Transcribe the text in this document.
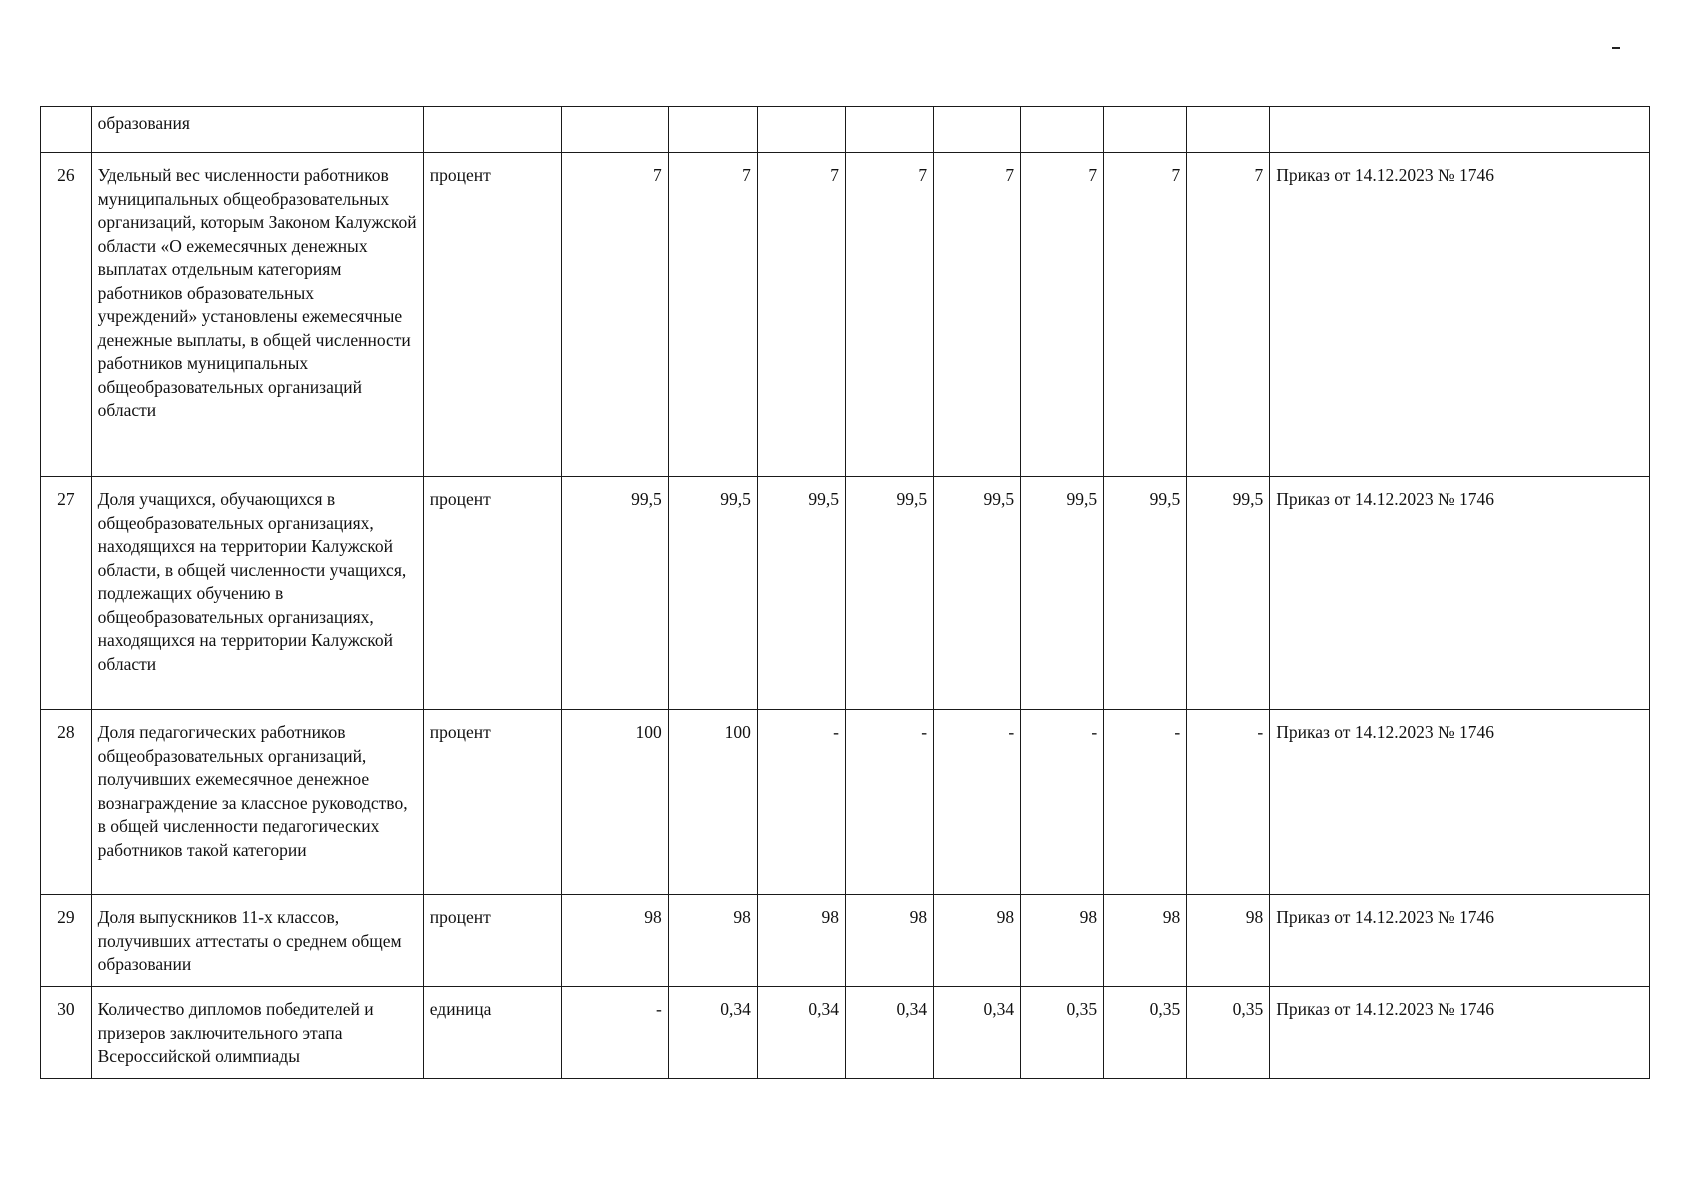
	образования										
26	Удельный вес численности работников муниципальных общеобразовательных организаций, которым Законом Калужской области «О ежемесячных денежных выплатах отдельным категориям работников образовательных учреждений» установлены ежемесячные денежные выплаты, в общей численности работников муниципальных общеобразовательных организаций области	процент	7	7	7	7	7	7	7	7	Приказ от 14.12.2023 № 1746
27	Доля учащихся, обучающихся в общеобразовательных организациях, находящихся на территории Калужской области, в общей численности учащихся, подлежащих обучению в общеобразовательных организациях, находящихся на территории Калужской области	процент	99,5	99,5	99,5	99,5	99,5	99,5	99,5	99,5	Приказ от 14.12.2023 № 1746
28	Доля педагогических работников общеобразовательных организаций, получивших ежемесячное денежное вознаграждение за классное руководство, в общей численности педагогических работников такой категории	процент	100	100	-	-	-	-	-	-	Приказ от 14.12.2023 № 1746
29	Доля выпускников 11-х классов, получивших аттестаты о среднем общем образовании	процент	98	98	98	98	98	98	98	98	Приказ от 14.12.2023 № 1746
30	Количество дипломов победителей и призеров заключительного этапа Всероссийской олимпиады	единица	-	0,34	0,34	0,34	0,34	0,35	0,35	0,35	Приказ от 14.12.2023 № 1746
